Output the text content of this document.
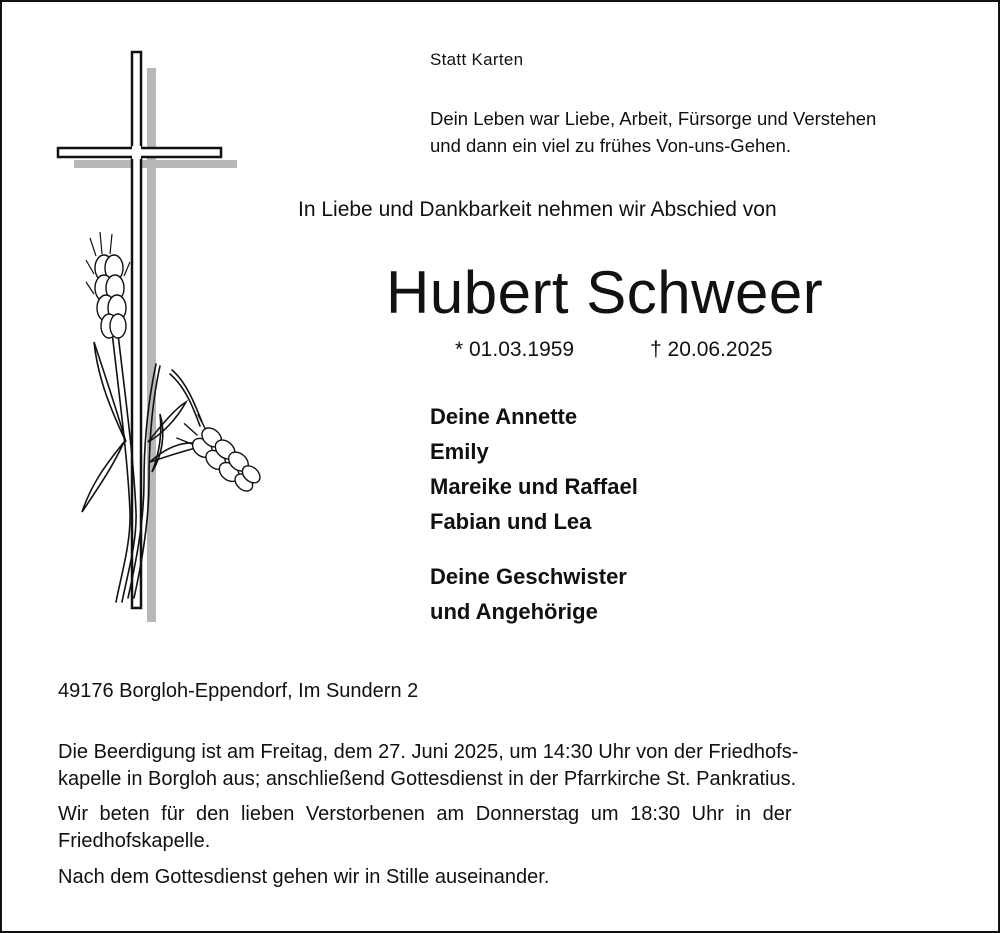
Statt Karten
Dein Leben war Liebe, Arbeit, Fürsorge und Verstehen
und dann ein viel zu frühes Von-uns-Gehen.
In Liebe und Dankbarkeit nehmen wir Abschied von
Hubert Schweer
* 01.03.1959	† 20.06.2025
Deine Annette
Emily
Mareike und Raffael
Fabian und Lea
Deine Geschwister
und Angehörige
49176 Borgloh-Eppendorf, Im Sundern 2
Die Beerdigung ist am Freitag, dem 27. Juni 2025, um 14:30 Uhr von der Friedhofs-
kapelle in Borgloh aus; anschließend Gottesdienst in der Pfarrkirche St. Pankratius.
Wir beten für den lieben Verstorbenen am Donnerstag um 18:30 Uhr in der
Friedhofskapelle.
Nach dem Gottesdienst gehen wir in Stille auseinander.
